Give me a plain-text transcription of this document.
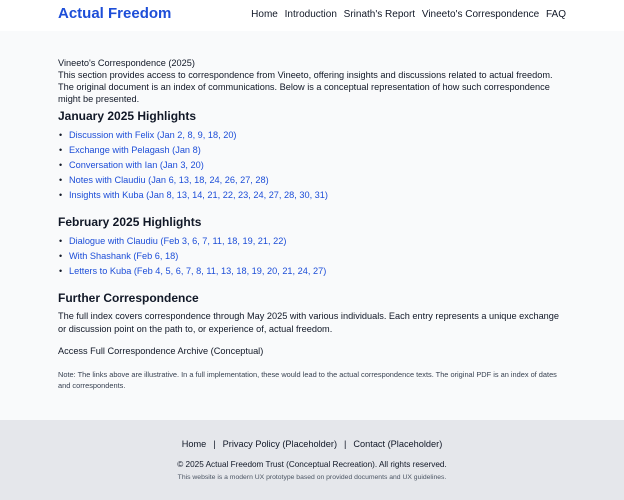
Actual Freedom	Home Introduction Srinath's Report Vineeto's Correspondence FAQ
Vineeto's Correspondence (2025)
This section provides access to correspondence from Vineeto, offering insights and discussions related to actual freedom. The original document is an index of communications. Below is a conceptual representation of how such correspondence might be presented.
January 2025 Highlights
• Discussion with Felix (Jan 2, 8, 9, 18, 20)
• Exchange with Pelagash (Jan 8)
• Conversation with Ian (Jan 3, 20)
• Notes with Claudiu (Jan 6, 13, 18, 24, 26, 27, 28)
• Insights with Kuba (Jan 8, 13, 14, 21, 22, 23, 24, 27, 28, 30, 31)
February 2025 Highlights
• Dialogue with Claudiu (Feb 3, 6, 7, 11, 18, 19, 21, 22)
• With Shashank (Feb 6, 18)
• Letters to Kuba (Feb 4, 5, 6, 7, 8, 11, 13, 18, 19, 20, 21, 24, 27)
Further Correspondence
The full index covers correspondence through May 2025 with various individuals. Each entry represents a unique exchange or discussion point on the path to, or experience of, actual freedom.
Access Full Correspondence Archive (Conceptual)
Note: The links above are illustrative. In a full implementation, these would lead to the actual correspondence texts. The original PDF is an index of dates and correspondents.
Home | Privacy Policy (Placeholder) | Contact (Placeholder)
© 2025 Actual Freedom Trust (Conceptual Recreation). All rights reserved.
This website is a modern UX prototype based on provided documents and UX guidelines.
